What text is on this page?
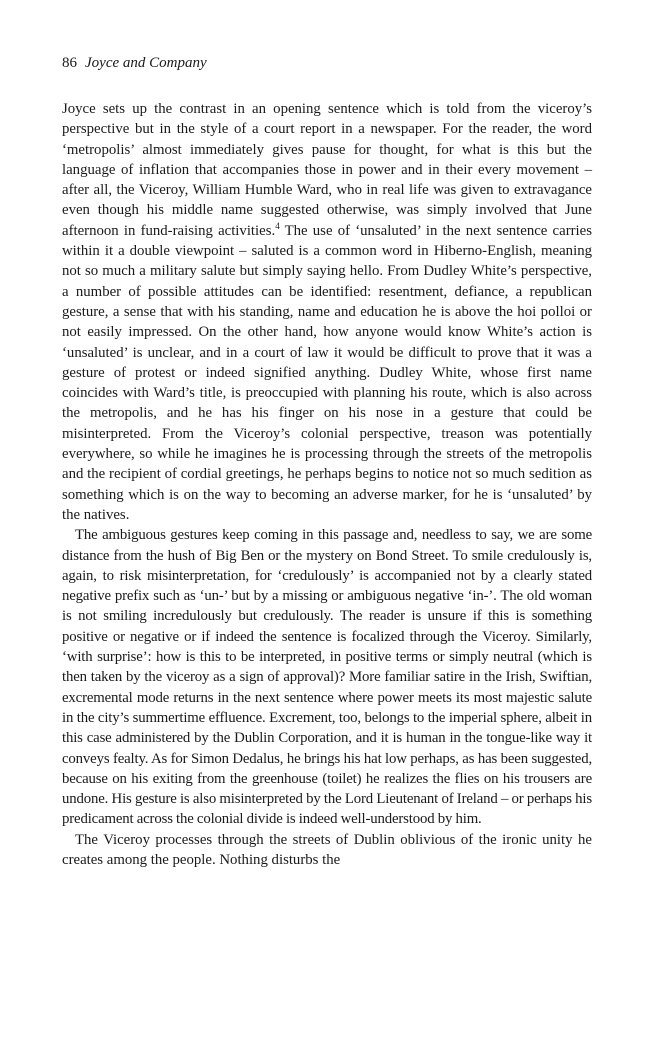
86 Joyce and Company

Joyce sets up the contrast in an opening sentence which is told from the viceroy’s perspective but in the style of a court report in a newspaper. For the reader, the word ‘metropolis’ almost immediately gives pause for thought, for what is this but the language of inflation that accompanies those in power and in their every movement – after all, the Viceroy, William Humble Ward, who in real life was given to extravagance even though his middle name suggested otherwise, was simply involved that June afternoon in fund-raising activities.$^4$ The use of ‘unsaluted’ in the next sentence carries within it a double viewpoint – saluted is a common word in Hiberno-English, meaning not so much a military salute but simply saying hello. From Dudley White’s perspective, a number of possible attitudes can be identified: resentment, defiance, a republican gesture, a sense that with his standing, name and education he is above the hoi polloi or not easily impressed. On the other hand, how anyone would know White’s action is ‘unsaluted’ is unclear, and in a court of law it would be difficult to prove that it was a gesture of protest or indeed signified anything. Dudley White, whose first name coincides with Ward’s title, is preoccupied with planning his route, which is also across the metropolis, and he has his finger on his nose in a gesture that could be misinterpreted. From the Viceroy’s colonial perspective, treason was potentially everywhere, so while he imagines he is processing through the streets of the metropolis and the recipient of cordial greetings, he perhaps begins to notice not so much sedition as something which is on the way to becoming an adverse marker, for he is ‘unsaluted’ by the natives.

The ambiguous gestures keep coming in this passage and, needless to say, we are some distance from the hush of Big Ben or the mystery on Bond Street. To smile credulously is, again, to risk misinterpretation, for ‘credulously’ is accompanied not by a clearly stated negative prefix such as ‘un-’ but by a missing or ambiguous negative ‘in-’. The old woman is not smiling incredulously but credulously. The reader is unsure if this is something positive or negative or if indeed the sentence is focalized through the Viceroy. Similarly, ‘with surprise’: how is this to be interpreted, in positive terms or simply neutral (which is then taken by the viceroy as a sign of approval)? More familiar satire in the Irish, Swiftian, excremental mode returns in the next sentence where power meets its most majestic salute in the city’s summertime effluence. Excrement, too, belongs to the imperial sphere, albeit in this case administered by the Dublin Corporation, and it is human in the tongue-like way it conveys fealty. As for Simon Dedalus, he brings his hat low perhaps, as has been suggested, because on his exiting from the greenhouse (toilet) he realizes the flies on his trousers are undone. His gesture is also misinterpreted by the Lord Lieutenant of Ireland – or perhaps his predicament across the colonial divide is indeed well-understood by him.

The Viceroy processes through the streets of Dublin oblivious of the ironic unity he creates among the people. Nothing disturbs the
